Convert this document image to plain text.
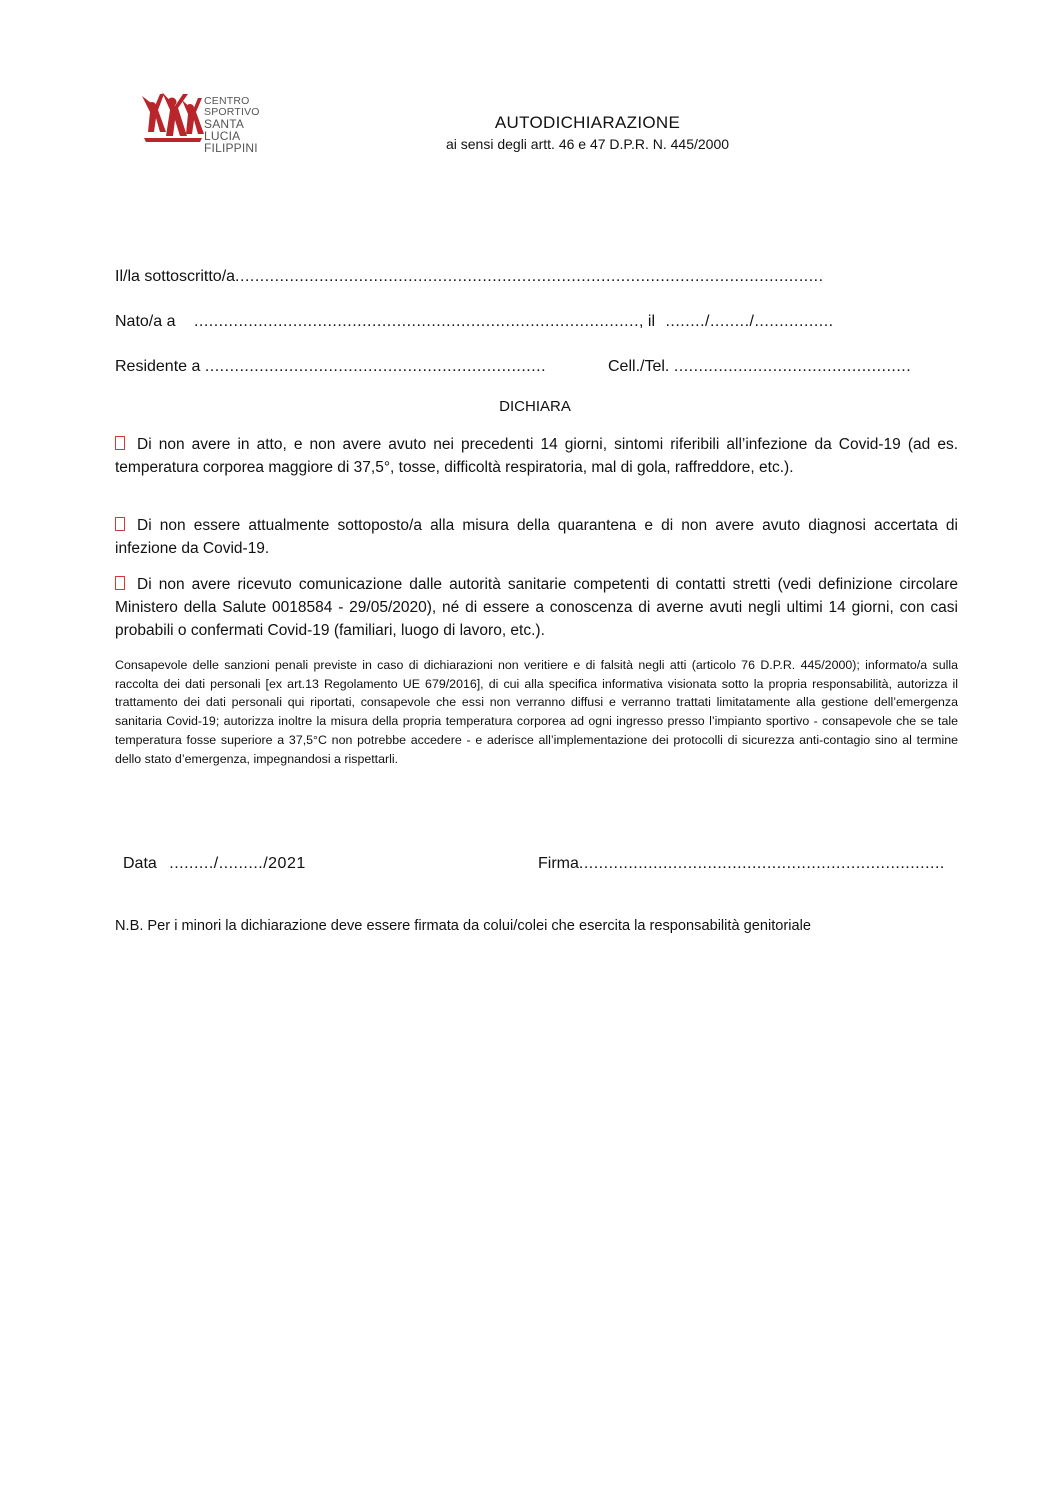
CENTRO
SPORTIVO
SANTA
LUCIA
FILIPPINI
AUTODICHIARAZIONE
ai sensi degli artt. 46 e 47 D.P.R. N. 445/2000
Il/la sottoscritto/a.......................................................................................................................
Nato/a a .........................................................................................., il ......../......../................
Residente a .....................................................................	Cell./Tel. ................................................
DICHIARA
Di non avere in atto, e non avere avuto nei precedenti 14 giorni, sintomi riferibili all’infezione da Covid-19 (ad es. temperatura corporea maggiore di 37,5°, tosse, difficoltà respiratoria, mal di gola, raffreddore, etc.).
Di non essere attualmente sottoposto/a alla misura della quarantena e di non avere avuto diagnosi accertata di infezione da Covid-19.
Di non avere ricevuto comunicazione dalle autorità sanitarie competenti di contatti stretti (vedi definizione circolare Ministero della Salute 0018584 - 29/05/2020), né di essere a conoscenza di averne avuti negli ultimi 14 giorni, con casi probabili o confermati Covid-19 (familiari, luogo di lavoro, etc.).
Consapevole delle sanzioni penali previste in caso di dichiarazioni non veritiere e di falsità negli atti (articolo 76 D.P.R. 445/2000); informato/a sulla raccolta dei dati personali [ex art.13 Regolamento UE 679/2016], di cui alla specifica informativa visionata sotto la propria responsabilità, autorizza il trattamento dei dati personali qui riportati, consapevole che essi non verranno diffusi e verranno trattati limitatamente alla gestione dell’emergenza sanitaria Covid-19; autorizza inoltre la misura della propria temperatura corporea ad ogni ingresso presso l’impianto sportivo - consapevole che se tale temperatura fosse superiore a 37,5°C non potrebbe accedere - e aderisce all’implementazione dei protocolli di sicurezza anti-contagio sino al termine dello stato d’emergenza, impegnandosi a rispettarli.
Data ........./........./2021	Firma..........................................................................
N.B. Per i minori la dichiarazione deve essere firmata da colui/colei che esercita la responsabilità genitoriale
